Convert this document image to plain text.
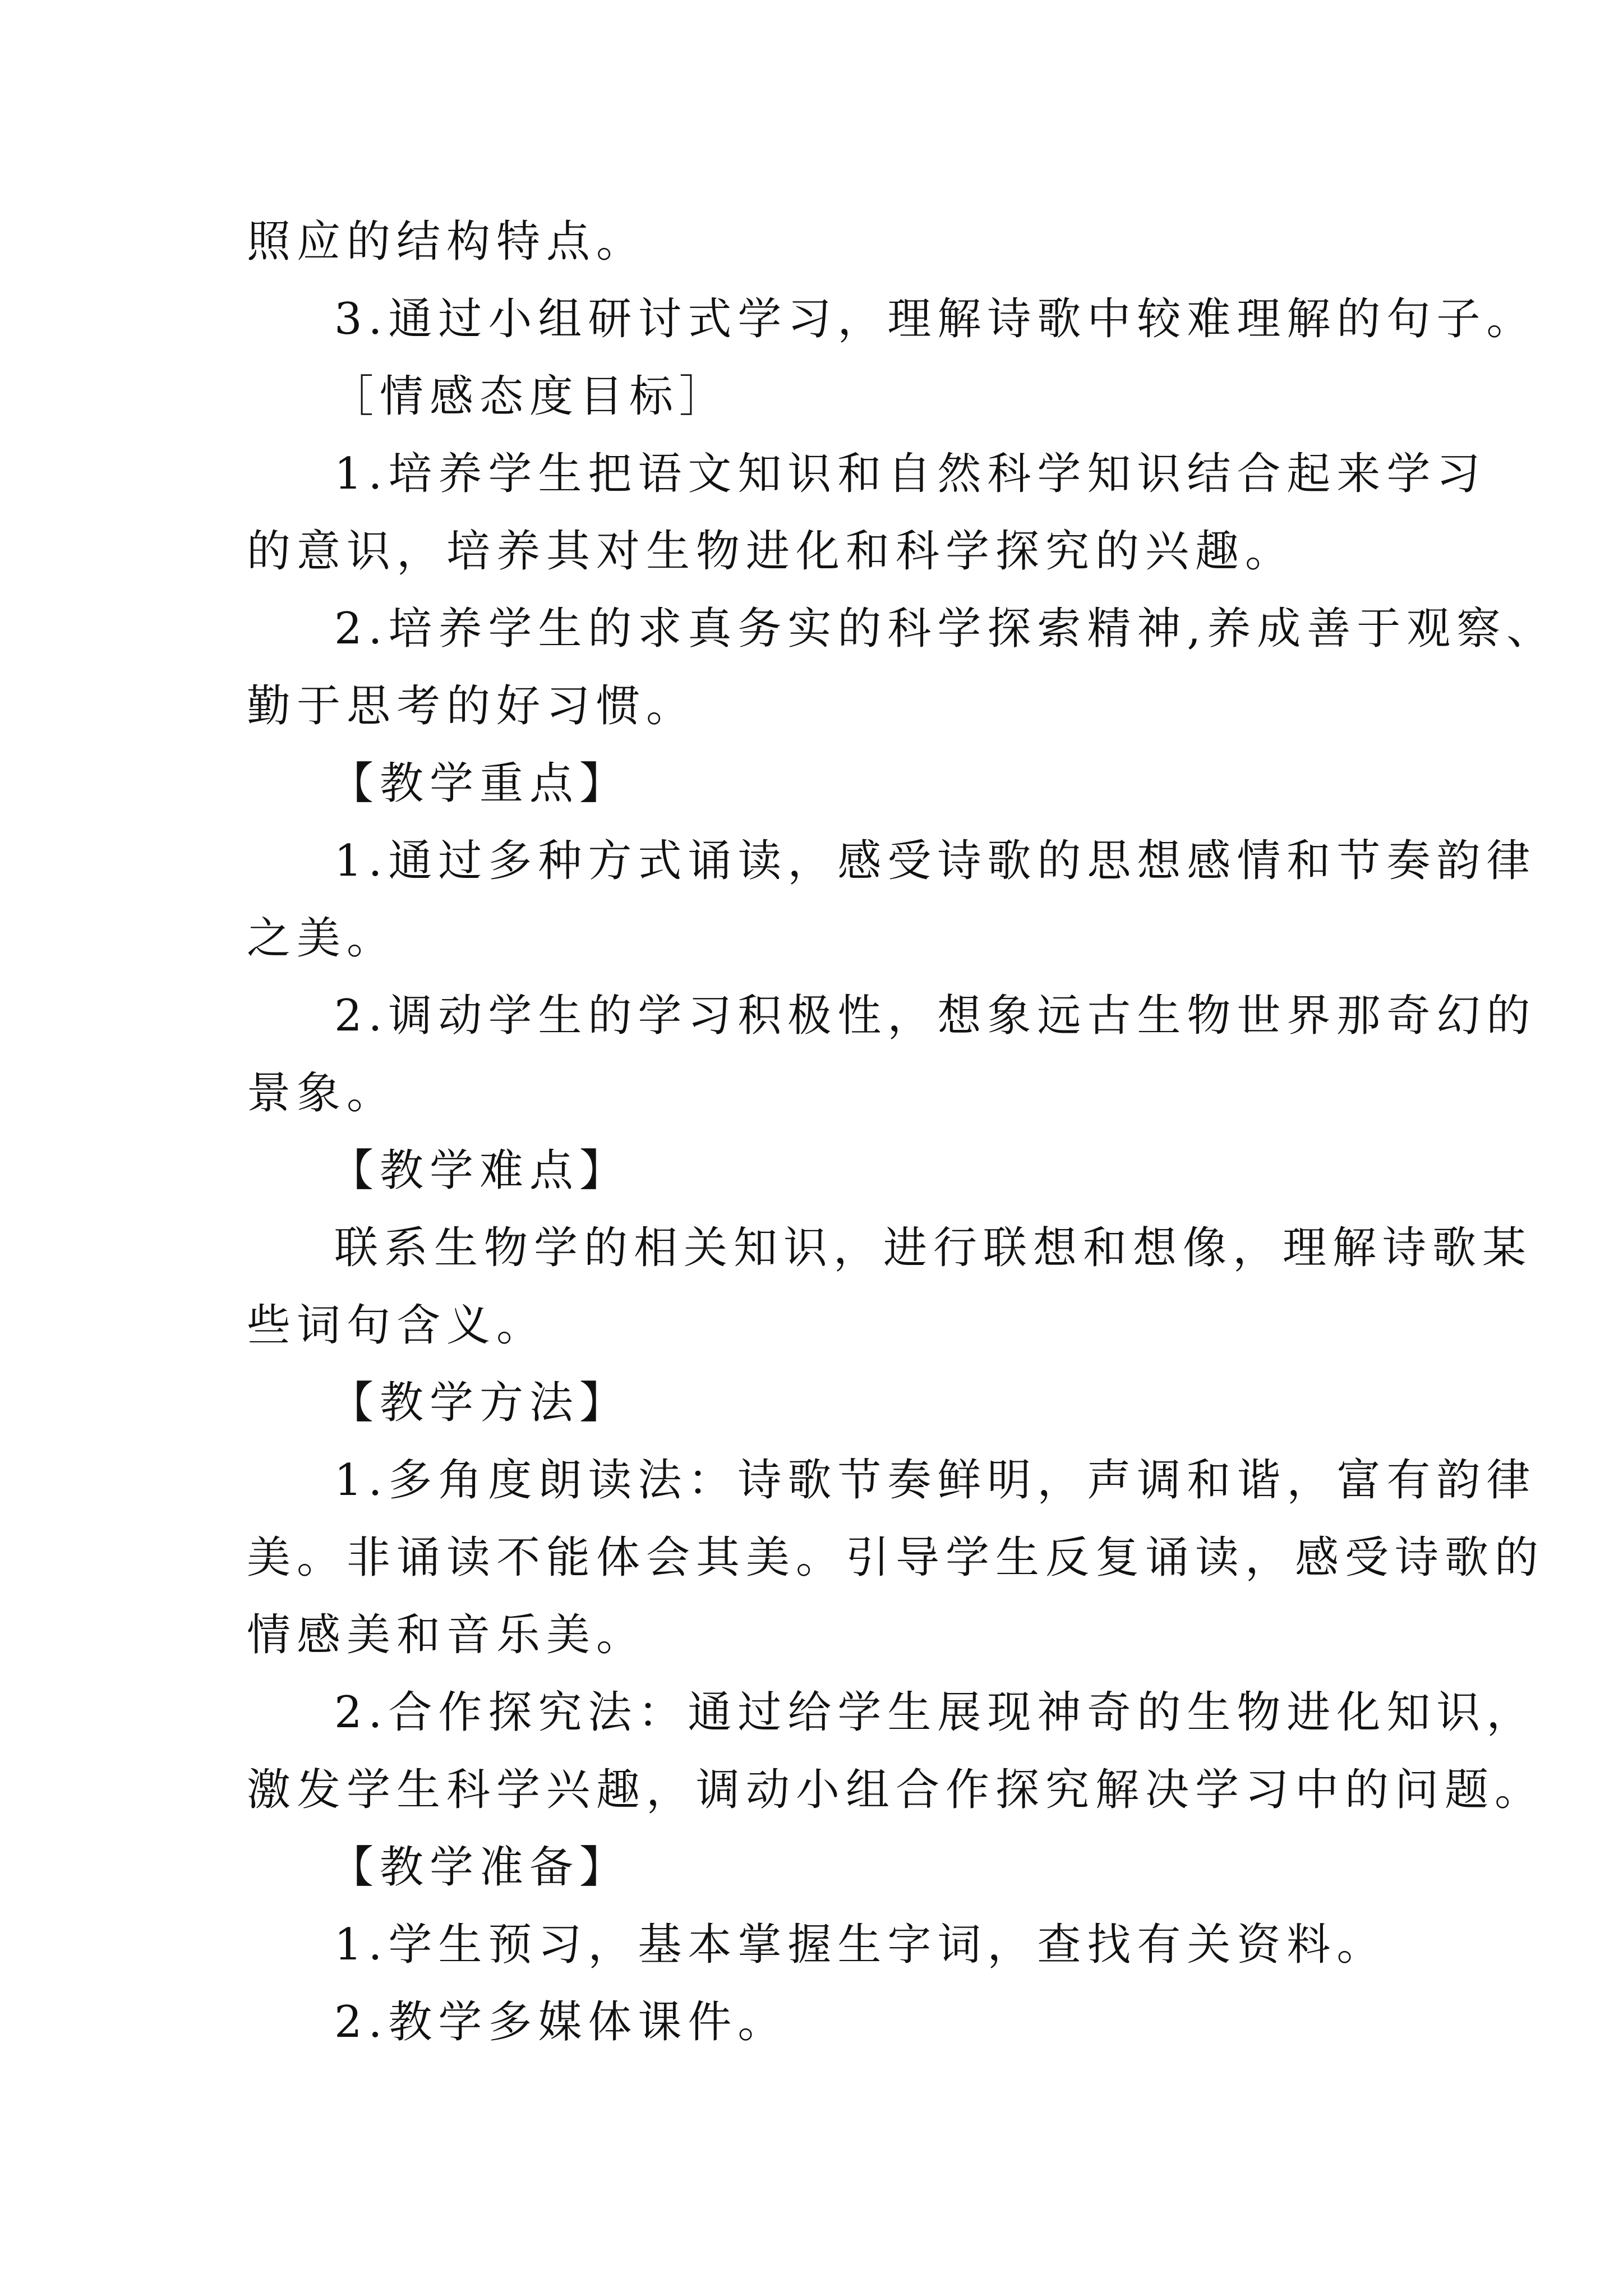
照应的结构特点。
3.通过小组研讨式学习，理解诗歌中较难理解的句子。
［情感态度目标］
1.培养学生把语文知识和自然科学知识结合起来学习
的意识，培养其对生物进化和科学探究的兴趣。
2.培养学生的求真务实的科学探索精神,养成善于观察、
勤于思考的好习惯。
【教学重点】
1.通过多种方式诵读，感受诗歌的思想感情和节奏韵律
之美。
2.调动学生的学习积极性，想象远古生物世界那奇幻的
景象。
【教学难点】
联系生物学的相关知识，进行联想和想像，理解诗歌某
些词句含义。
【教学方法】
1.多角度朗读法：诗歌节奏鲜明，声调和谐，富有韵律
美。非诵读不能体会其美。引导学生反复诵读，感受诗歌的
情感美和音乐美。
2.合作探究法：通过给学生展现神奇的生物进化知识，
激发学生科学兴趣，调动小组合作探究解决学习中的问题。
【教学准备】
1.学生预习，基本掌握生字词，查找有关资料。
2.教学多媒体课件。
